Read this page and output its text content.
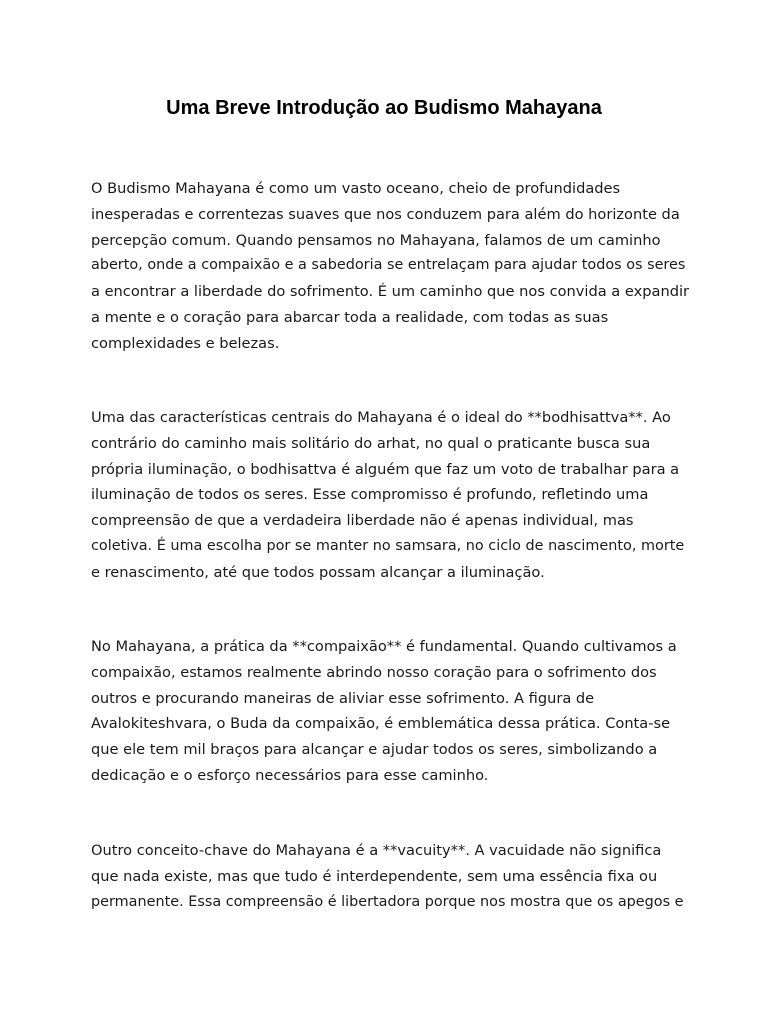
Uma Breve Introdução ao Budismo Mahayana

O Budismo Mahayana é como um vasto oceano, cheio de profundidades
inesperadas e correntezas suaves que nos conduzem para além do horizonte da
percepção comum. Quando pensamos no Mahayana, falamos de um caminho
aberto, onde a compaixão e a sabedoria se entrelaçam para ajudar todos os seres
a encontrar a liberdade do sofrimento. É um caminho que nos convida a expandir
a mente e o coração para abarcar toda a realidade, com todas as suas
complexidades e belezas.

Uma das características centrais do Mahayana é o ideal do **bodhisattva**. Ao
contrário do caminho mais solitário do arhat, no qual o praticante busca sua
própria iluminação, o bodhisattva é alguém que faz um voto de trabalhar para a
iluminação de todos os seres. Esse compromisso é profundo, refletindo uma
compreensão de que a verdadeira liberdade não é apenas individual, mas
coletiva. É uma escolha por se manter no samsara, no ciclo de nascimento, morte
e renascimento, até que todos possam alcançar a iluminação.

No Mahayana, a prática da **compaixão** é fundamental. Quando cultivamos a
compaixão, estamos realmente abrindo nosso coração para o sofrimento dos
outros e procurando maneiras de aliviar esse sofrimento. A figura de
Avalokiteshvara, o Buda da compaixão, é emblemática dessa prática. Conta-se
que ele tem mil braços para alcançar e ajudar todos os seres, simbolizando a
dedicação e o esforço necessários para esse caminho.

Outro conceito-chave do Mahayana é a **vacuity**. A vacuidade não significa
que nada existe, mas que tudo é interdependente, sem uma essência fixa ou
permanente. Essa compreensão é libertadora porque nos mostra que os apegos e
